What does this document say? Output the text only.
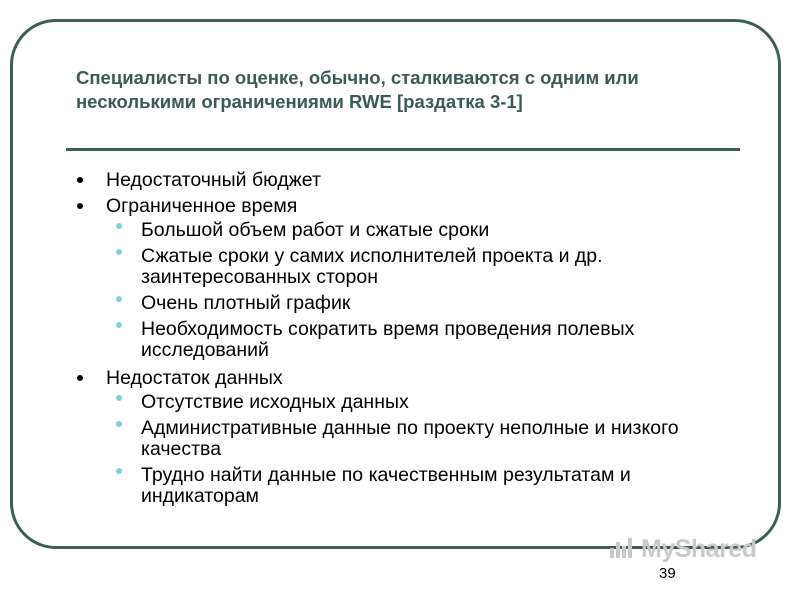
Специалисты по оценке, обычно, сталкиваются с одним или несколькими ограничениями RWE [раздатка 3-1]
Недостаточный бюджет
Ограниченное время
Большой объем работ и сжатые сроки
Сжатые сроки у самих исполнителей проекта и др. заинтересованных сторон
Очень плотный график
Необходимость сократить время проведения полевых исследований
Недостаток данных
Отсутствие исходных данных
Административные данные по проекту неполные и низкого качества
Трудно найти данные по качественным результатам и индикаторам
MyShared
39
